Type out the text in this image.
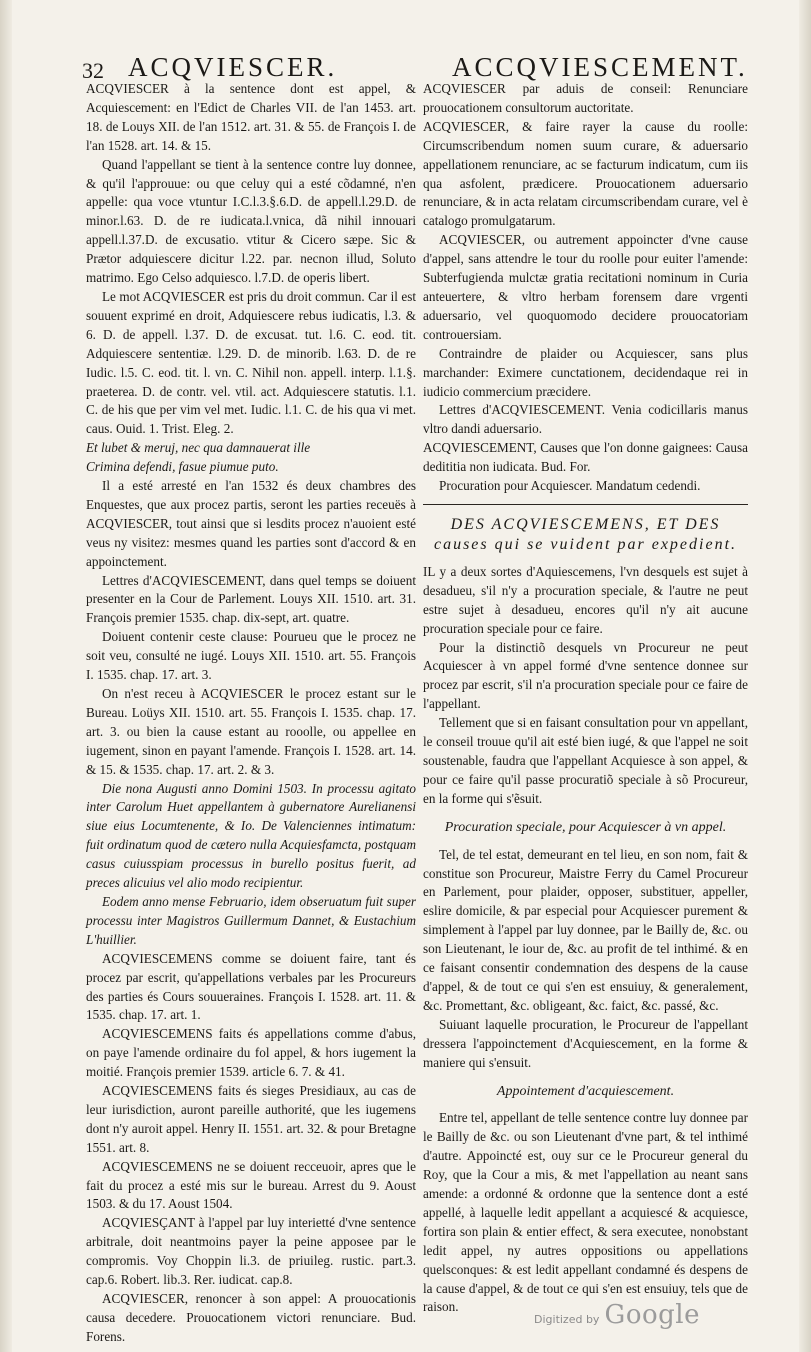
32 ACQVIESCER.	ACCQVIESCEMENT.

ACQVIESCER à la sentence dont est appel, & Acquiescement: en l'Edict de Charles VII. de l'an 1453. art. 18. de Louys XII. de l'an 1512. art. 31. & 55. de François I. de l'an 1528. art. 14. & 15.

Quand l'appellant se tient à la sentence contre luy donnee, & qu'il l'approuue: ou que celuy qui a esté cõdamné, n'en appelle: qua voce vtuntur I.C.l.3.§.6.D. de appell.l.29.D. de minor.l.63. D. de re iudicata.l.vnica, dã nihil innouari appell.l.37.D. de excusatio. vtitur & Cicero sæpe. Sic & Prætor adquiescere dicitur l.22. par. necnon illud, Soluto matrimo. Ego Celso adquiesco. l.7.D. de operis libert.

Le mot ACQVIESCER est pris du droit commun. Car il est souuent exprimé en droit, Adquiescere rebus iudicatis, l.3. & 6. D. de appell. l.37. D. de excusat. tut. l.6. C. eod. tit. Adquiescere sententiæ. l.29. D. de minorib. l.63. D. de re Iudic. l.5. C. eod. tit. l. vn. C. Nihil non. appell. interp. l.1.§. praeterea. D. de contr. vel. vtil. act. Adquiescere statutis. l.1. C. de his que per vim vel met. Iudic. l.1. C. de his qua vi met. caus. Ouid. 1. Trist. Eleg. 2.

Et lubet & meruj, nec qua damnauerat ille

Crimina defendi, fasue piumue puto.

Il a esté arresté en l'an 1532 és deux chambres des Enquestes, que aux procez partis, seront les parties receuës à ACQVIESCER, tout ainsi que si lesdits procez n'auoient esté veus ny visitez: mesmes quand les parties sont d'accord & en appoinctement.

Lettres d'ACQVIESCEMENT, dans quel temps se doiuent presenter en la Cour de Parlement. Louys XII. 1510. art. 31. François premier 1535. chap. dix-sept, art. quatre.

Doiuent contenir ceste clause: Pourueu que le procez ne soit veu, consulté ne iugé. Louys XII. 1510. art. 55. François I. 1535. chap. 17. art. 3.

On n'est receu à ACQVIESCER le procez estant sur le Bureau. Loüys XII. 1510. art. 55. François I. 1535. chap. 17. art. 3. ou bien la cause estant au rooolle, ou appellee en iugement, sinon en payant l'amende. François I. 1528. art. 14. & 15. & 1535. chap. 17. art. 2. & 3.

Die nona Augusti anno Domini 1503. In processu agitato inter Carolum Huet appellantem à gubernatore Aurelianensi siue eius Locumtenente, & Io. De Valenciennes intimatum: fuit ordinatum quod de cætero nulla Acquiesfamcta, postquam casus cuiusspiam processus in burello positus fuerit, ad preces alicuius vel alio modo recipientur.

Eodem anno mense Februario, idem obseruatum fuit super processu inter Magistros Guillermum Dannet, & Eustachium L'huillier.

ACQVIESCEMENS comme se doiuent faire, tant és procez par escrit, qu'appellations verbales par les Procureurs des parties és Cours souueraines. François I. 1528. art. 11. & 1535. chap. 17. art. 1.

ACQVIESCEMENS faits és appellations comme d'abus, on paye l'amende ordinaire du fol appel, & hors iugement la moitié. François premier 1539. article 6. 7. & 41.

ACQVIESCEMENS faits és sieges Presidiaux, au cas de leur iurisdiction, auront pareille authorité, que les iugemens dont n'y auroit appel. Henry II. 1551. art. 32. & pour Bretagne 1551. art. 8.

ACQVIESCEMENS ne se doiuent recceuoir, apres que le fait du procez a esté mis sur le bureau. Arrest du 9. Aoust 1503. & du 17. Aoust 1504.

ACQVIESÇANT à l'appel par luy interietté d'vne sentence arbitrale, doit neantmoins payer la peine apposee par le compromis. Voy Choppin li.3. de priuileg. rustic. part.3. cap.6. Robert. lib.3. Rer. iudicat. cap.8.

ACQVIESCER, renoncer à son appel: A prouocationis causa decedere. Prouocationem victori renunciare. Bud. Forens.

ACQVIESCER par aduis de conseil: Renunciare prouocationem consultorum auctoritate.

ACQVIESCER, & faire rayer la cause du roolle: Circumscribendum nomen suum curare, & aduersario appellationem renunciare, ac se facturum indicatum, cum iis qua asfolent, prædicere. Prouocationem aduersario renunciare, & in acta relatam circumscribendam curare, vel è catalogo promulgatarum.

ACQVIESCER, ou autrement appoincter d'vne cause d'appel, sans attendre le tour du roolle pour euiter l'amende: Subterfugienda mulctæ gratia recitationi nominum in Curia anteuertere, & vltro herbam forensem dare vrgenti aduersario, vel quoquomodo decidere prouocatoriam controuersiam.

Contraindre de plaider ou Acquiescer, sans plus marchander: Eximere cunctationem, decidendaque rei in iudicio commercium præcidere.

Lettres d'ACQVIESCEMENT. Venia codicillaris manus vltro dandi aduersario.

ACQVIESCEMENT, Causes que l'on donne gaignees: Causa dedititia non iudicata. Bud. For.

Procuration pour Acquiescer. Mandatum cedendi.

DES ACQVIESCEMENS, ET DES causes qui se vuident par expedient.

IL y a deux sortes d'Aquiescemens, l'vn desquels est sujet à desadueu, s'il n'y a procuration speciale, & l'autre ne peut estre sujet à desadueu, encores qu'il n'y ait aucune procuration speciale pour ce faire.

Pour la distinctiõ desquels vn Procureur ne peut Acquiescer à vn appel formé d'vne sentence donnee sur procez par escrit, s'il n'a procuration speciale pour ce faire de l'appellant.

Tellement que si en faisant consultation pour vn appellant, le conseil trouue qu'il ait esté bien iugé, & que l'appel ne soit soustenable, faudra que l'appellant Acquiesce à son appel, & pour ce faire qu'il passe procuratiõ speciale à sõ Procureur, en la forme qui s'ẽsuit.

Procuration speciale, pour Acquiescer à vn appel.

Tel, de tel estat, demeurant en tel lieu, en son nom, fait & constitue son Procureur, Maistre Ferry du Camel Procureur en Parlement, pour plaider, opposer, substituer, appeller, eslire domicile, & par especial pour Acquiescer purement & simplement à l'appel par luy donnee, par le Bailly de, &c. ou son Lieutenant, le iour de, &c. au profit de tel inthimé. & en ce faisant consentir condemnation des despens de la cause d'appel, & de tout ce qui s'en est ensuiuy, & generalement, &c. Promettant, &c. obligeant, &c. faict, &c. passé, &c.

Suiuant laquelle procuration, le Procureur de l'appellant dressera l'appoinctement d'Acquiescement, en la forme & maniere qui s'ensuit.

Appointement d'acquiescement.

Entre tel, appellant de telle sentence contre luy donnee par le Bailly de &c. ou son Lieutenant d'vne part, & tel inthimé d'autre. Appoincté est, ouy sur ce le Procureur general du Roy, que la Cour a mis, & met l'appellation au neant sans amende: a ordonné & ordonne que la sentence dont a esté appellé, à laquelle ledit appellant a acquiescé & acquiesce, fortira son plain & entier effect, & sera executee, nonobstant ledit appel, ny autres oppositions ou appellations quelsconques: & est ledit appellant condamné és despens de la cause d'appel, & de tout ce qui s'en est ensuiuy, tels que de raison.

Digitized by Google
